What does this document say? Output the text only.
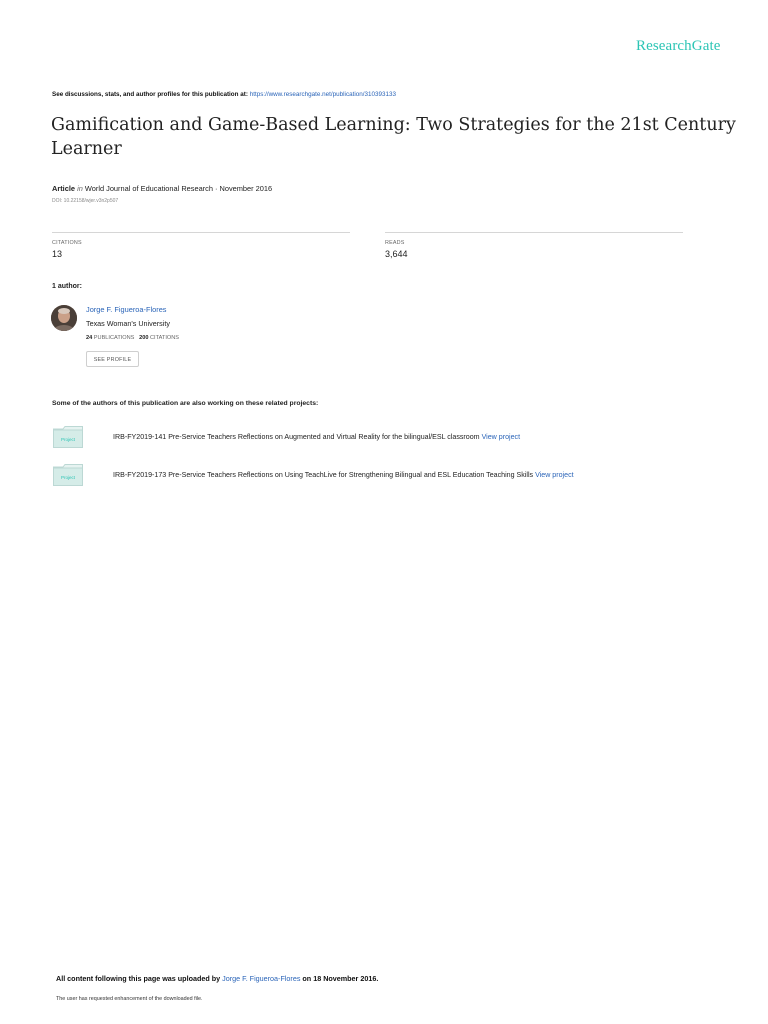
ResearchGate
See discussions, stats, and author profiles for this publication at: https://www.researchgate.net/publication/310393133
Gamification and Game-Based Learning: Two Strategies for the 21st Century Learner
Article in World Journal of Educational Research · November 2016
DOI: 10.22158/wjer.v3n2p507
CITATIONS
13
READS
3,644
1 author:
Jorge F. Figueroa-Flores
Texas Woman's University
24 PUBLICATIONS 200 CITATIONS
SEE PROFILE
Some of the authors of this publication are also working on these related projects:
Project	IRB-FY2019-141 Pre-Service Teachers Reflections on Augmented and Virtual Reality for the bilingual/ESL classroom View project
Project	IRB-FY2019-173 Pre-Service Teachers Reflections on Using TeachLive for Strengthening Bilingual and ESL Education Teaching Skills View project
All content following this page was uploaded by Jorge F. Figueroa-Flores on 18 November 2016.
The user has requested enhancement of the downloaded file.
